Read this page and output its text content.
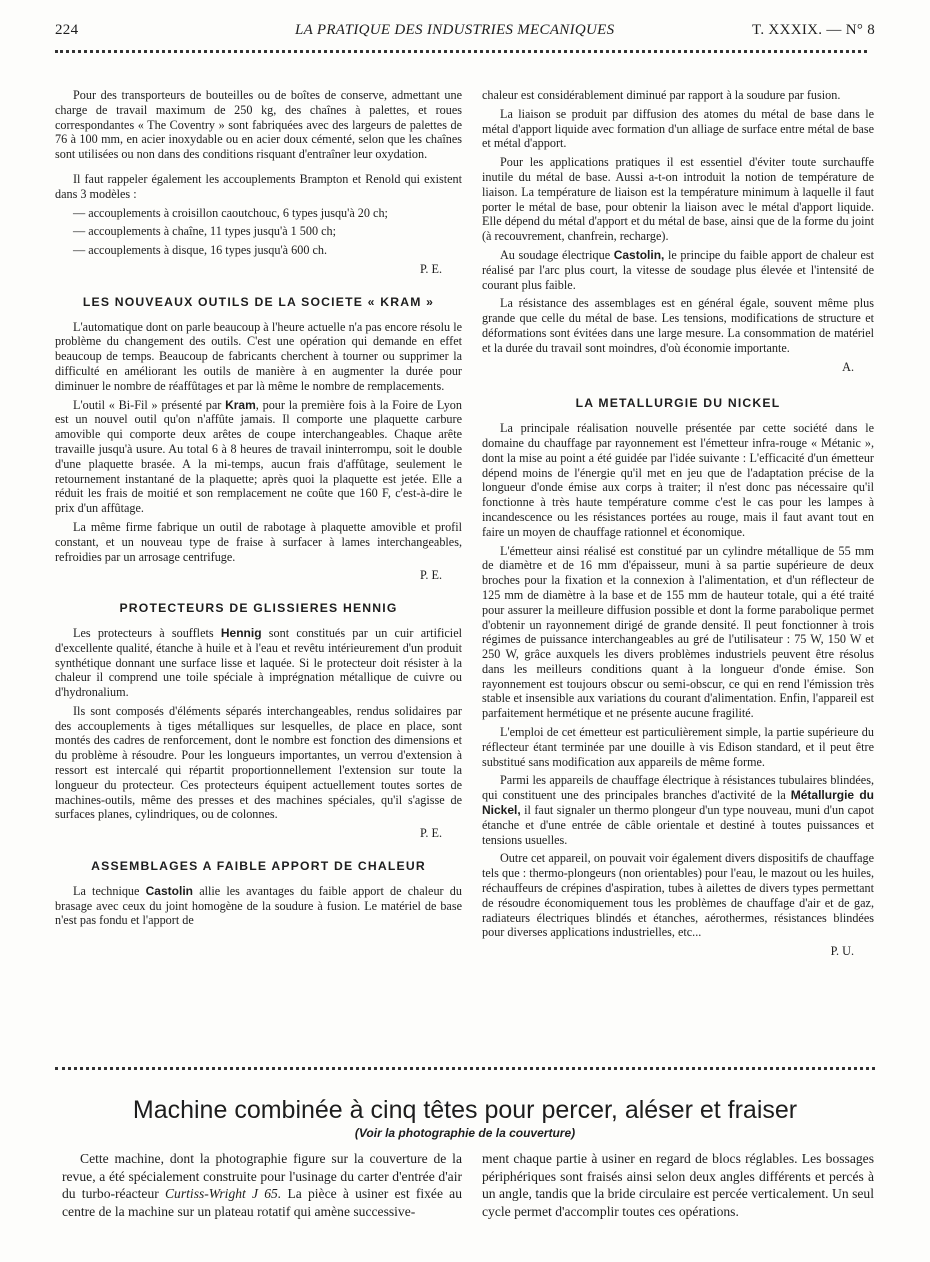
224	LA PRATIQUE DES INDUSTRIES MECANIQUES	T. XXXIX. — N° 8

Pour des transporteurs de bouteilles ou de boîtes de conserve, admettant une charge de travail maximum de 250 kg, des chaînes à palettes, et roues correspondantes « The Coventry » sont fabriquées avec des largeurs de palettes de 76 à 100 mm, en acier inoxydable ou en acier doux cémenté, selon que les chaînes sont utilisées ou non dans des conditions risquant d'entraîner leur oxydation.

Il faut rappeler également les accouplements Brampton et Renold qui existent dans 3 modèles :

— accouplements à croisillon caoutchouc, 6 types jusqu'à 20 ch;

— accouplements à chaîne, 11 types jusqu'à 1 500 ch;

— accouplements à disque, 16 types jusqu'à 600 ch.

P. E.
LES NOUVEAUX OUTILS DE LA SOCIETE « KRAM »

L'automatique dont on parle beaucoup à l'heure actuelle n'a pas encore résolu le problème du changement des outils. C'est une opération qui demande en effet beaucoup de temps. Beaucoup de fabricants cherchent à tourner ou supprimer la difficulté en améliorant les outils de manière à en augmenter la durée pour diminuer le nombre de réaffûtages et par là même le nombre de remplacements.

L'outil « Bi-Fil » présenté par Kram, pour la première fois à la Foire de Lyon est un nouvel outil qu'on n'affûte jamais. Il comporte une plaquette carbure amovible qui comporte deux arêtes de coupe interchangeables. Chaque arête travaille jusqu'à usure. Au total 6 à 8 heures de travail ininterrompu, soit le double d'une plaquette brasée. A la mi-temps, aucun frais d'affûtage, seulement le retournement instantané de la plaquette; après quoi la plaquette est jetée. Elle a réduit les frais de moitié et son remplacement ne coûte que 160 F, c'est-à-dire le prix d'un affûtage.

La même firme fabrique un outil de rabotage à plaquette amovible et profil constant, et un nouveau type de fraise à surfacer à lames interchangeables, refroidies par un arrosage centrifuge.

P. E.
PROTECTEURS DE GLISSIERES HENNIG

Les protecteurs à soufflets Hennig sont constitués par un cuir artificiel d'excellente qualité, étanche à huile et à l'eau et revêtu intérieurement d'un produit synthétique donnant une surface lisse et laquée. Si le protecteur doit résister à la chaleur il comprend une toile spéciale à imprégnation métallique de cuivre ou d'hydronalium.

Ils sont composés d'éléments séparés interchangeables, rendus solidaires par des accouplements à tiges métalliques sur lesquelles, de place en place, sont montés des cadres de renforcement, dont le nombre est fonction des dimensions et du problème à résoudre. Pour les longueurs importantes, un verrou d'extension à ressort est intercalé qui répartit proportionnellement l'extension sur toute la longueur du protecteur. Ces protecteurs équipent actuellement toutes sortes de machines-outils, même des presses et des machines spéciales, qu'il s'agisse de surfaces planes, cylindriques, ou de colonnes.

P. E.
ASSEMBLAGES A FAIBLE APPORT DE CHALEUR

La technique Castolin allie les avantages du faible apport de chaleur du brasage avec ceux du joint homogène de la soudure à fusion. Le matériel de base n'est pas fondu et l'apport de

chaleur est considérablement diminué par rapport à la soudure par fusion.

La liaison se produit par diffusion des atomes du métal de base dans le métal d'apport liquide avec formation d'un alliage de surface entre métal de base et métal d'apport.

Pour les applications pratiques il est essentiel d'éviter toute surchauffe inutile du métal de base. Aussi a-t-on introduit la notion de température de liaison. La température de liaison est la température minimum à laquelle il faut porter le métal de base, pour obtenir la liaison avec le métal d'apport liquide. Elle dépend du métal d'apport et du métal de base, ainsi que de la forme du joint (à recouvrement, chanfrein, recharge).

Au soudage électrique Castolin, le principe du faible apport de chaleur est réalisé par l'arc plus court, la vitesse de soudage plus élevée et l'intensité de courant plus faible.

La résistance des assemblages est en général égale, souvent même plus grande que celle du métal de base. Les tensions, modifications de structure et déformations sont évitées dans une large mesure. La consommation de matériel et la durée du travail sont moindres, d'où économie importante.

A.
LA METALLURGIE DU NICKEL

La principale réalisation nouvelle présentée par cette société dans le domaine du chauffage par rayonnement est l'émetteur infra-rouge « Métanic », dont la mise au point a été guidée par l'idée suivante : L'efficacité d'un émetteur dépend moins de l'énergie qu'il met en jeu que de l'adaptation précise de la longueur d'onde émise aux corps à traiter; il n'est donc pas nécessaire qu'il fonctionne à très haute température comme c'est le cas pour les lampes à incandescence ou les résistances portées au rouge, mais il faut avant tout en faire un moyen de chauffage rationnel et économique.

L'émetteur ainsi réalisé est constitué par un cylindre métallique de 55 mm de diamètre et de 16 mm d'épaisseur, muni à sa partie supérieure de deux broches pour la fixation et la connexion à l'alimentation, et d'un réflecteur de 125 mm de diamètre à la base et de 155 mm de hauteur totale, qui a été traité pour assurer la meilleure diffusion possible et dont la forme parabolique permet d'obtenir un rayonnement dirigé de grande densité. Il peut fonctionner à trois régimes de puissance interchangeables au gré de l'utilisateur : 75 W, 150 W et 250 W, grâce auxquels les divers problèmes industriels peuvent être résolus dans les meilleurs conditions quant à la longueur d'onde émise. Son rayonnement est toujours obscur ou semi-obscur, ce qui en rend l'émission très stable et insensible aux variations du courant d'alimentation. Enfin, l'appareil est parfaitement hermétique et ne présente aucune fragilité.

L'emploi de cet émetteur est particulièrement simple, la partie supérieure du réflecteur étant terminée par une douille à vis Edison standard, et il peut être substitué sans modification aux appareils de même forme.

Parmi les appareils de chauffage électrique à résistances tubulaires blindées, qui constituent une des principales branches d'activité de la Métallurgie du Nickel, il faut signaler un thermo plongeur d'un type nouveau, muni d'un capot étanche et d'une entrée de câble orientale et destiné à toutes puissances et tensions usuelles.

Outre cet appareil, on pouvait voir également divers dispositifs de chauffage tels que : thermo-plongeurs (non orientables) pour l'eau, le mazout ou les huiles, réchauffeurs de crépines d'aspiration, tubes à ailettes de divers types permettant de résoudre économiquement tous les problèmes de chauffage d'air et de gaz, radiateurs électriques blindés et étanches, aérothermes, résistances blindées pour diverses applications industrielles, etc...

P. U.
Machine combinée à cinq têtes pour percer, aléser et fraiser
(Voir la photographie de la couverture)

Cette machine, dont la photographie figure sur la couverture de la revue, a été spécialement construite pour l'usinage du carter d'entrée d'air du turbo-réacteur Curtiss-Wright J 65. La pièce à usiner est fixée au centre de la machine sur un plateau rotatif qui amène successive-

ment chaque partie à usiner en regard de blocs réglables. Les bossages périphériques sont fraisés ainsi selon deux angles différents et percés à un angle, tandis que la bride circulaire est percée verticalement. Un seul cycle permet d'accomplir toutes ces opérations.
